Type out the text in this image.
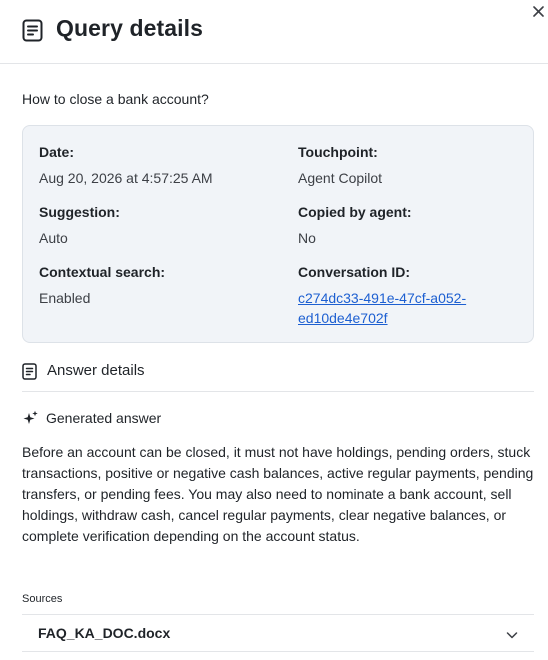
Query details
How to close a bank account?
Date:
Aug 20, 2026 at 4:57:25 AM
Touchpoint:
Agent Copilot
Suggestion:
Auto
Copied by agent:
No
Contextual search:
Enabled
Conversation ID:
c274dc33-491e-47cf-a052-
ed10de4e702f
Answer details
Generated answer

Before an account can be closed, it must not have holdings, pending orders, stuck transactions, positive or negative cash balances, active regular payments, pending transfers, or pending fees. You may also need to nominate a bank account, sell holdings, withdraw cash, cancel regular payments, clear negative balances, or complete verification depending on the account status.

Sources
FAQ_KA_DOC.docx
